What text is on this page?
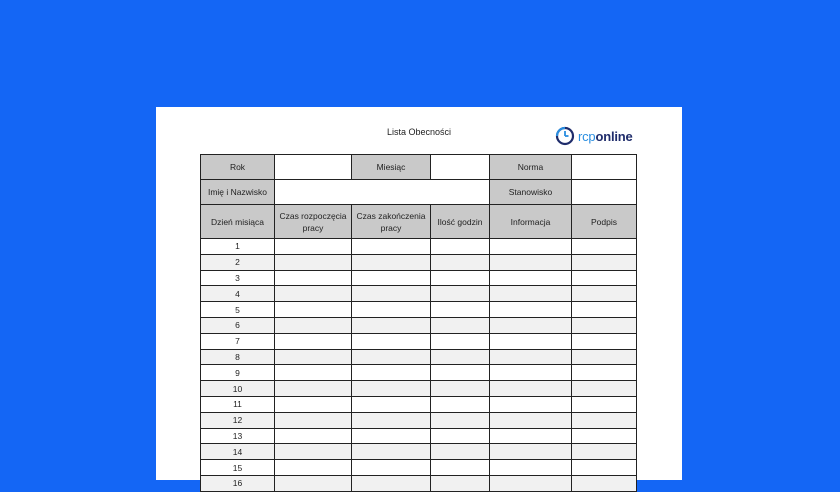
Lista Obecności	rcponline
Rok		Miesiąc		Norma	
Imię i Nazwisko				Stanowisko	

Dzień misiąca	Czas rozpoczęcia pracy	Czas zakończenia pracy	Ilość godzin	Informacja	Podpis

1					
2					
3					
4					
5					
6					
7					
8					
9					
10					
11					
12					
13					
14					
15					
16					
